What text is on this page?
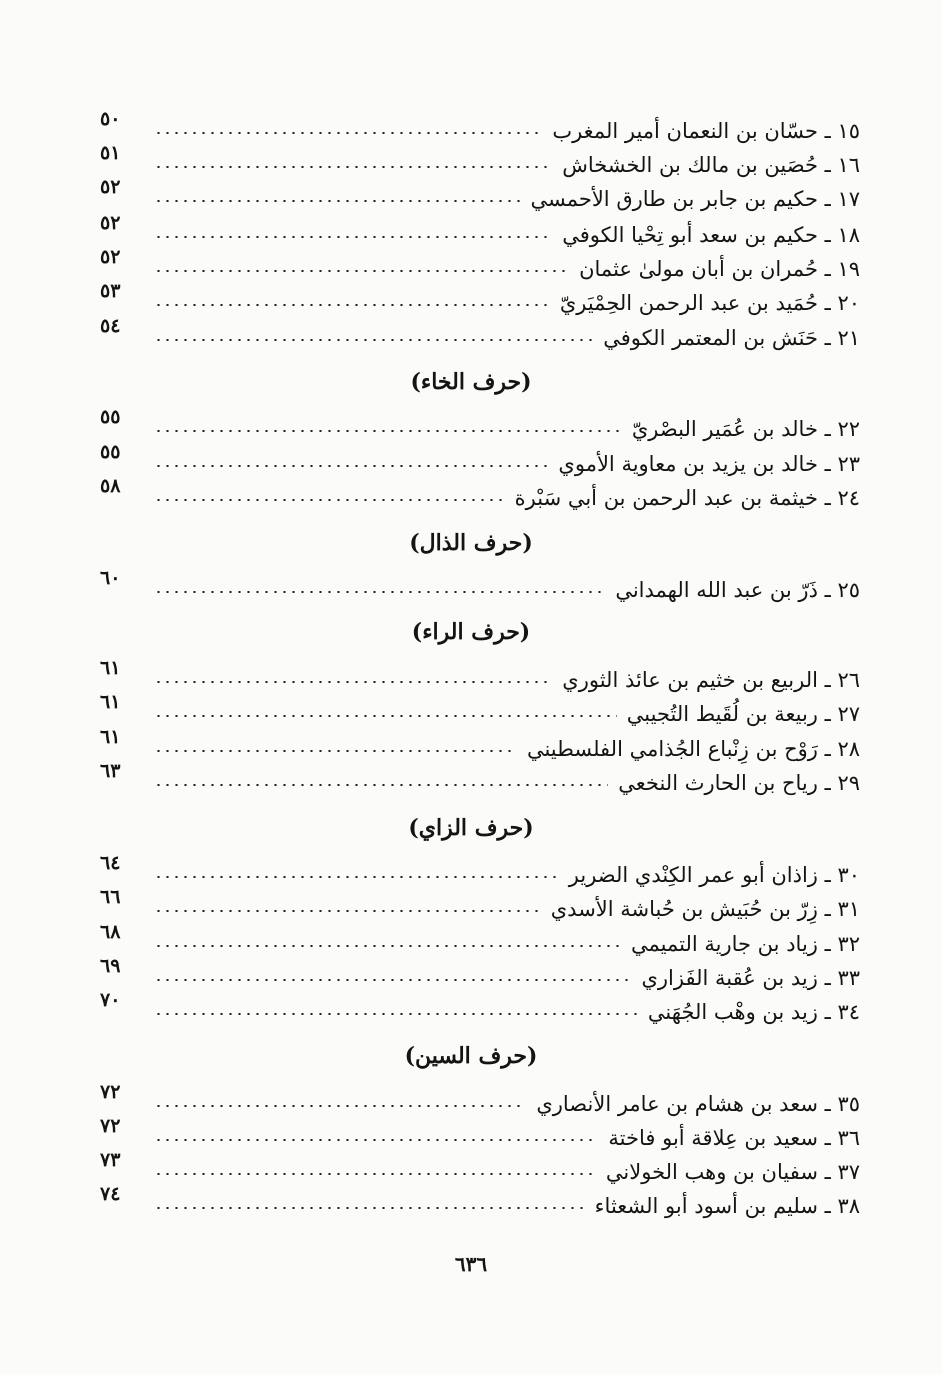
١٥ ـ حسّان بن النعمان أمير المغرب
٥٠
١٦ ـ حُصَين بن مالك بن الخشخاش
٥١
١٧ ـ حكيم بن جابر بن طارق الأحمسي
٥٢
١٨ ـ حكيم بن سعد أبو تِحْيا الكوفي
٥٢
١٩ ـ حُمران بن أبان مولىٰ عثمان
٥٢
٢٠ ـ حُمَيد بن عبد الرحمن الحِمْيَريّ
٥٣
٢١ ـ حَنَش بن المعتمر الكوفي
٥٤
(حرف الخاء)
٢٢ ـ خالد بن عُمَير البصْريّ
٥٥
٢٣ ـ خالد بن يزيد بن معاوية الأموي
٥٥
٢٤ ـ خيثمة بن عبد الرحمن بن أبي سَبْرة
٥٨
(حرف الذال)
٢٥ ـ ذَرّ بن عبد الله الهمداني
٦٠
(حرف الراء)
٢٦ ـ الربيع بن خثيم بن عائذ الثوري
٦١
٢٧ ـ ربيعة بن لُقَيط التُجيبي
٦١
٢٨ ـ رَوْح بن زِنْباع الجُذامي الفلسطيني
٦١
٢٩ ـ رياح بن الحارث النخعي
٦٣
(حرف الزاي)
٣٠ ـ زاذان أبو عمر الكِنْدي الضرير
٦٤
٣١ ـ زِرّ بن حُبَيش بن حُباشة الأسدي
٦٦
٣٢ ـ زياد بن جارية التميمي
٦٨
٣٣ ـ زيد بن عُقبة الفَزاري
٦٩
٣٤ ـ زيد بن وهْب الجُهَني
٧٠
(حرف السين)
٣٥ ـ سعد بن هشام بن عامر الأنصاري
٧٢
٣٦ ـ سعيد بن عِلاقة أبو فاختة
٧٢
٣٧ ـ سفيان بن وهب الخولاني
٧٣
٣٨ ـ سليم بن أسود أبو الشعثاء
٧٤
٦٣٦
